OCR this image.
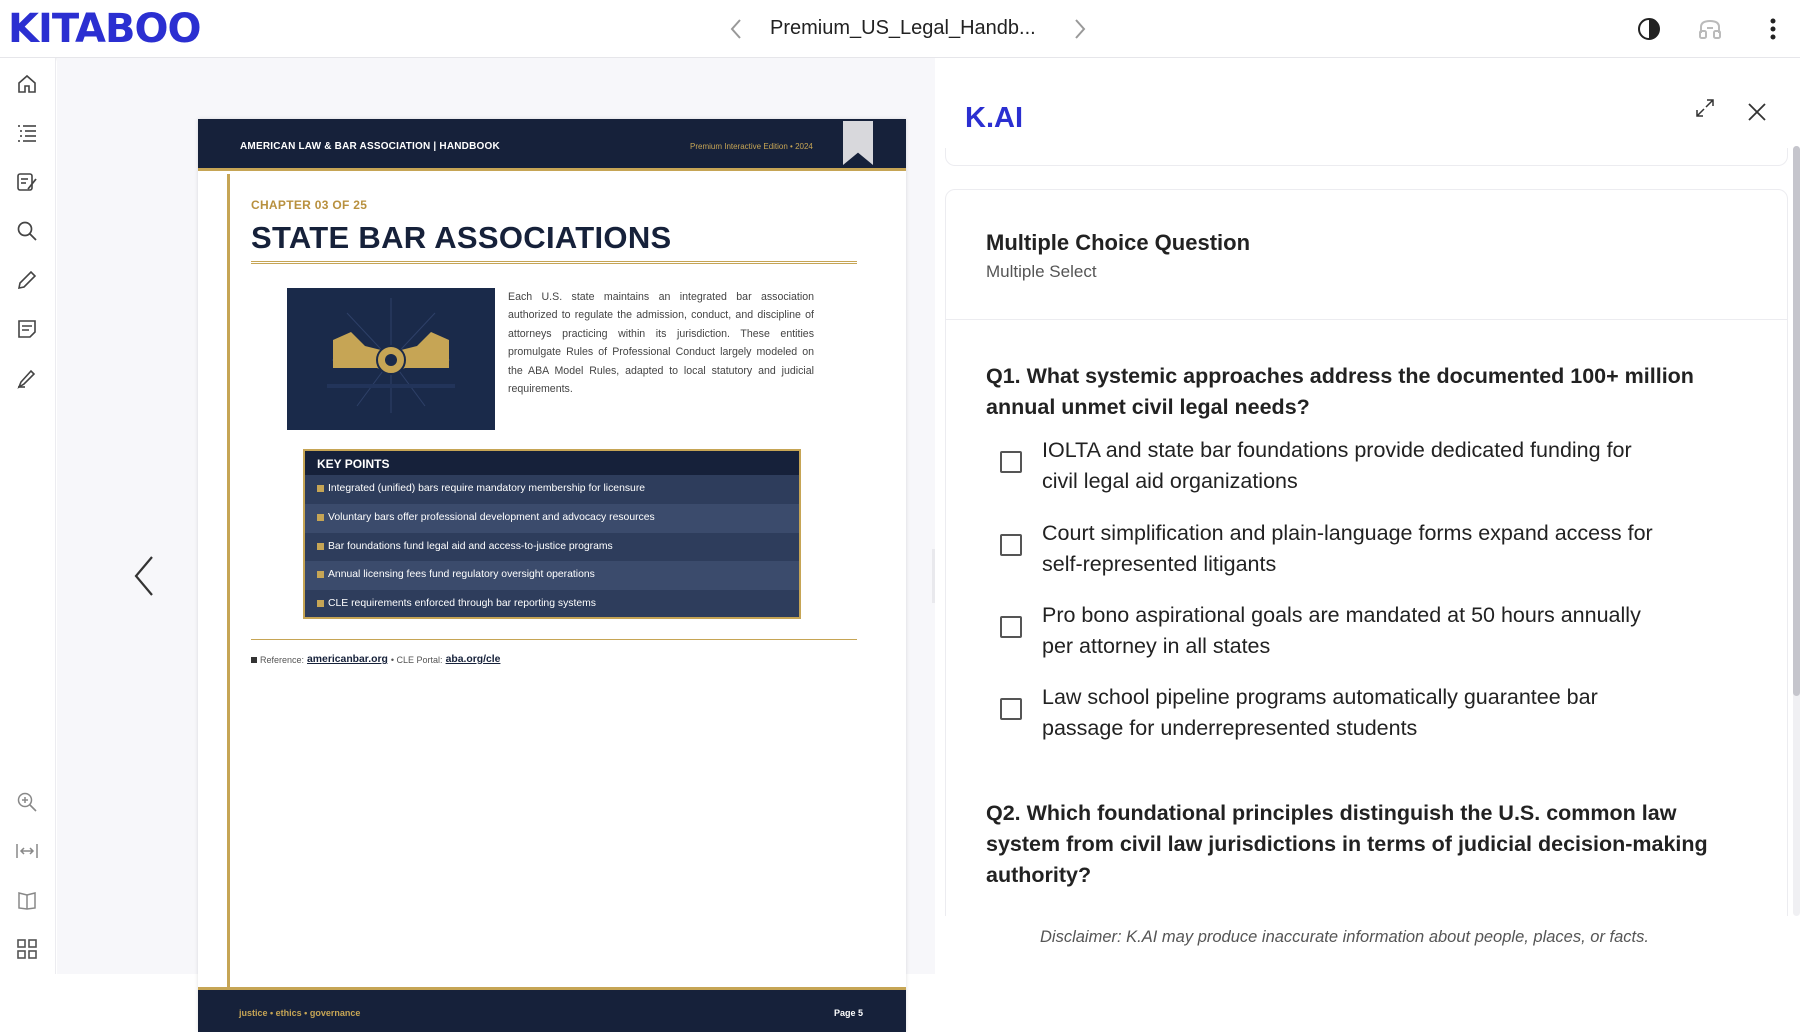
KITABOO	Premium_US_Legal_Handb...
AMERICAN LAW & BAR ASSOCIATION | HANDBOOK	Premium Interactive Edition • 2024
CHAPTER 03 OF 25
STATE BAR ASSOCIATIONS
Each U.S. state maintains an integrated bar association authorized to regulate the admission, conduct, and discipline of attorneys practicing within its jurisdiction. These entities promulgate Rules of Professional Conduct largely modeled on the ABA Model Rules, adapted to local statutory and judicial requirements.
KEY POINTS
Integrated (unified) bars require mandatory membership for licensure
Voluntary bars offer professional development and advocacy resources
Bar foundations fund legal aid and access-to-justice programs
Annual licensing fees fund regulatory oversight operations
CLE requirements enforced through bar reporting systems
Reference: americanbar.org • CLE Portal: aba.org/cle
justice • ethics • governance	Page 5
K.AI
Multiple Choice Question
Multiple Select
Q1. What systemic approaches address the documented 100+ million annual unmet civil legal needs?
IOLTA and state bar foundations provide dedicated funding for
civil legal aid organizations
Court simplification and plain-language forms expand access for
self-represented litigants
Pro bono aspirational goals are mandated at 50 hours annually
per attorney in all states
Law school pipeline programs automatically guarantee bar
passage for underrepresented students
Q2. Which foundational principles distinguish the U.S. common law system from civil law jurisdictions in terms of judicial decision-making authority?
Disclaimer: K.AI may produce inaccurate information about people, places, or facts.
